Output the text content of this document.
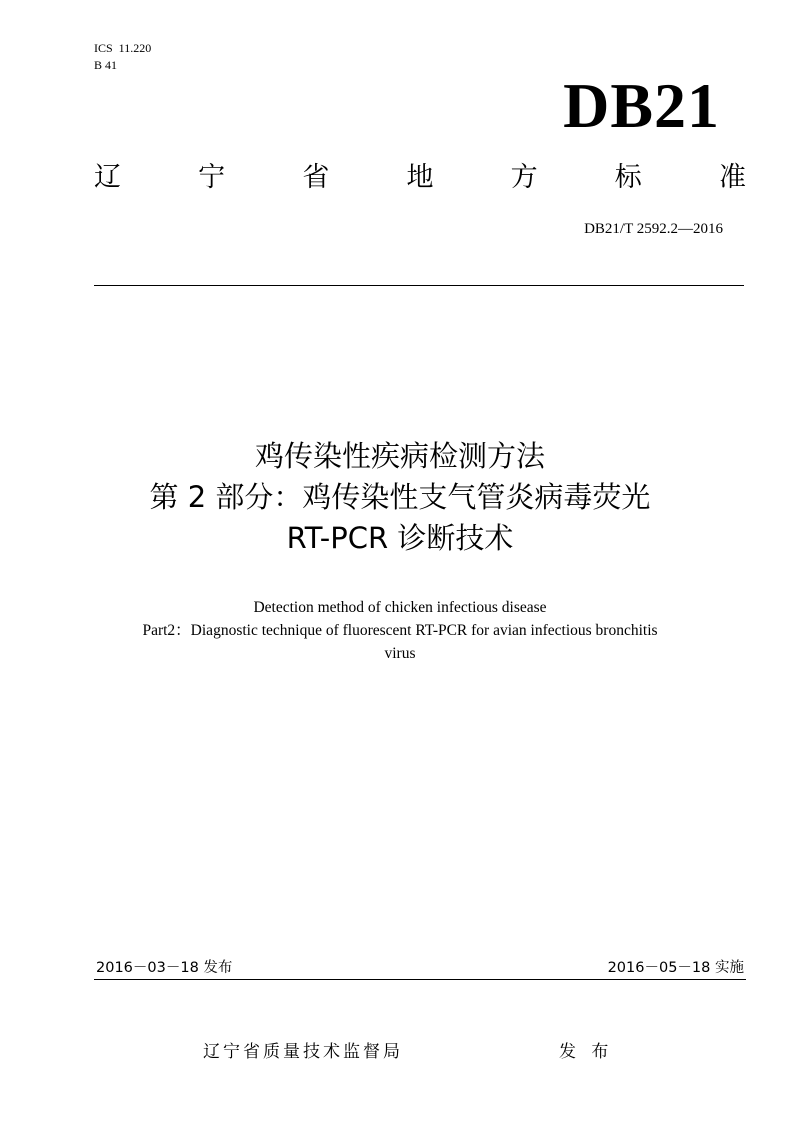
ICS  11.220
B 41
DB21
辽	宁	省	地	方	标	准
DB21/T 2592.2—2016
鸡传染性疾病检测方法
第 2 部分：鸡传染性支气管炎病毒荧光
RT-PCR 诊断技术
Detection method of chicken infectious disease
Part2：Diagnostic technique of fluorescent RT-PCR for avian infectious bronchitis
virus
2016－03－18 发布	2016－05－18 实施
辽宁省质量技术监督局	发 布
